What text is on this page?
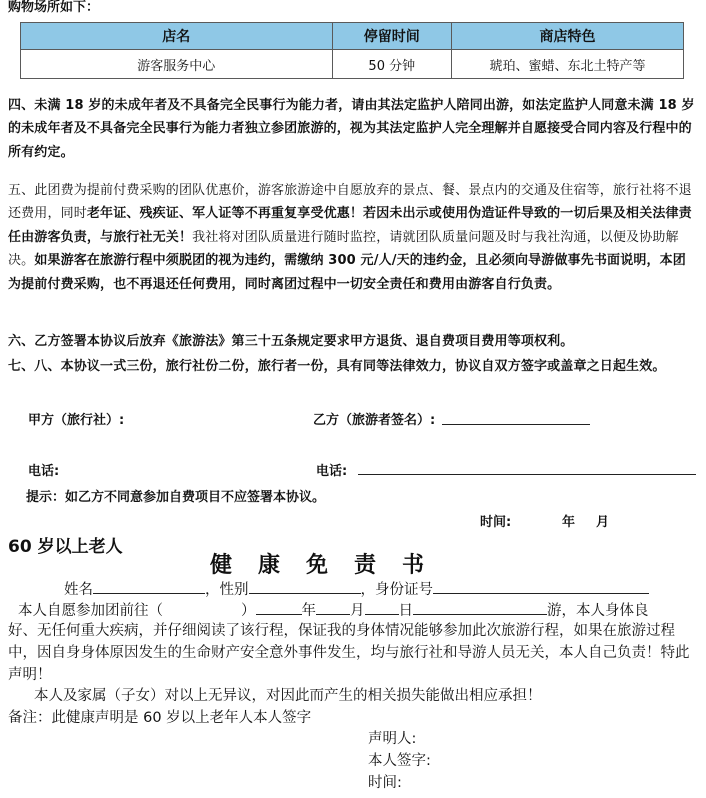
购物场所如下：
店名	停留时间	商店特色
游客服务中心	50 分钟	琥珀、蜜蜡、东北土特产等
四、未满 18 岁的未成年者及不具备完全民事行为能力者，请由其法定监护人陪同出游，如法定监护人同意未满 18 岁的未成年者及不具备完全民事行为能力者独立参团旅游的，视为其法定监护人完全理解并自愿接受合同内容及行程中的所有约定。
五、此团费为提前付费采购的团队优惠价，游客旅游途中自愿放弃的景点、餐、景点内的交通及住宿等，旅行社将不退还费用，同时老年证、残疾证、军人证等不再重复享受优惠！若因未出示或使用伪造证件导致的一切后果及相关法律责任由游客负责，与旅行社无关！我社将对团队质量进行随时监控，请就团队质量问题及时与我社沟通，以便及协助解决。如果游客在旅游行程中须脱团的视为违约，需缴纳 300 元/人/天的违约金，且必须向导游做事先书面说明，本团为提前付费采购，也不再退还任何费用，同时离团过程中一切安全责任和费用由游客自行负责。
六、乙方签署本协议后放弃《旅游法》第三十五条规定要求甲方退货、退自费项目费用等项权利。
七、八、本协议一式三份，旅行社份二份，旅行者一份，具有同等法律效力，协议自双方签字或盖章之日起生效。
甲方（旅行社）:	乙方（旅游者签名）:
电话:	电话:
提示：如乙方不同意参加自费项目不应签署本协议。
时间:	年 月
60 岁以上老人
健康免责书
姓名	，性别	，身份证号
本人自愿参加团前往（	）	年 月 日	游，本人身体良
好、无任何重大疾病，并仔细阅读了该行程，保证我的身体情况能够参加此次旅游行程，如果在旅游过程中，因自身身体原因发生的生命财产安全意外事件发生，均与旅行社和导游人员无关，本人自己负责！特此声明！
本人及家属（子女）对以上无异议，对因此而产生的相关损失能做出相应承担！
备注：此健康声明是 60 岁以上老年人本人签字
声明人:
本人签字:
时间:
